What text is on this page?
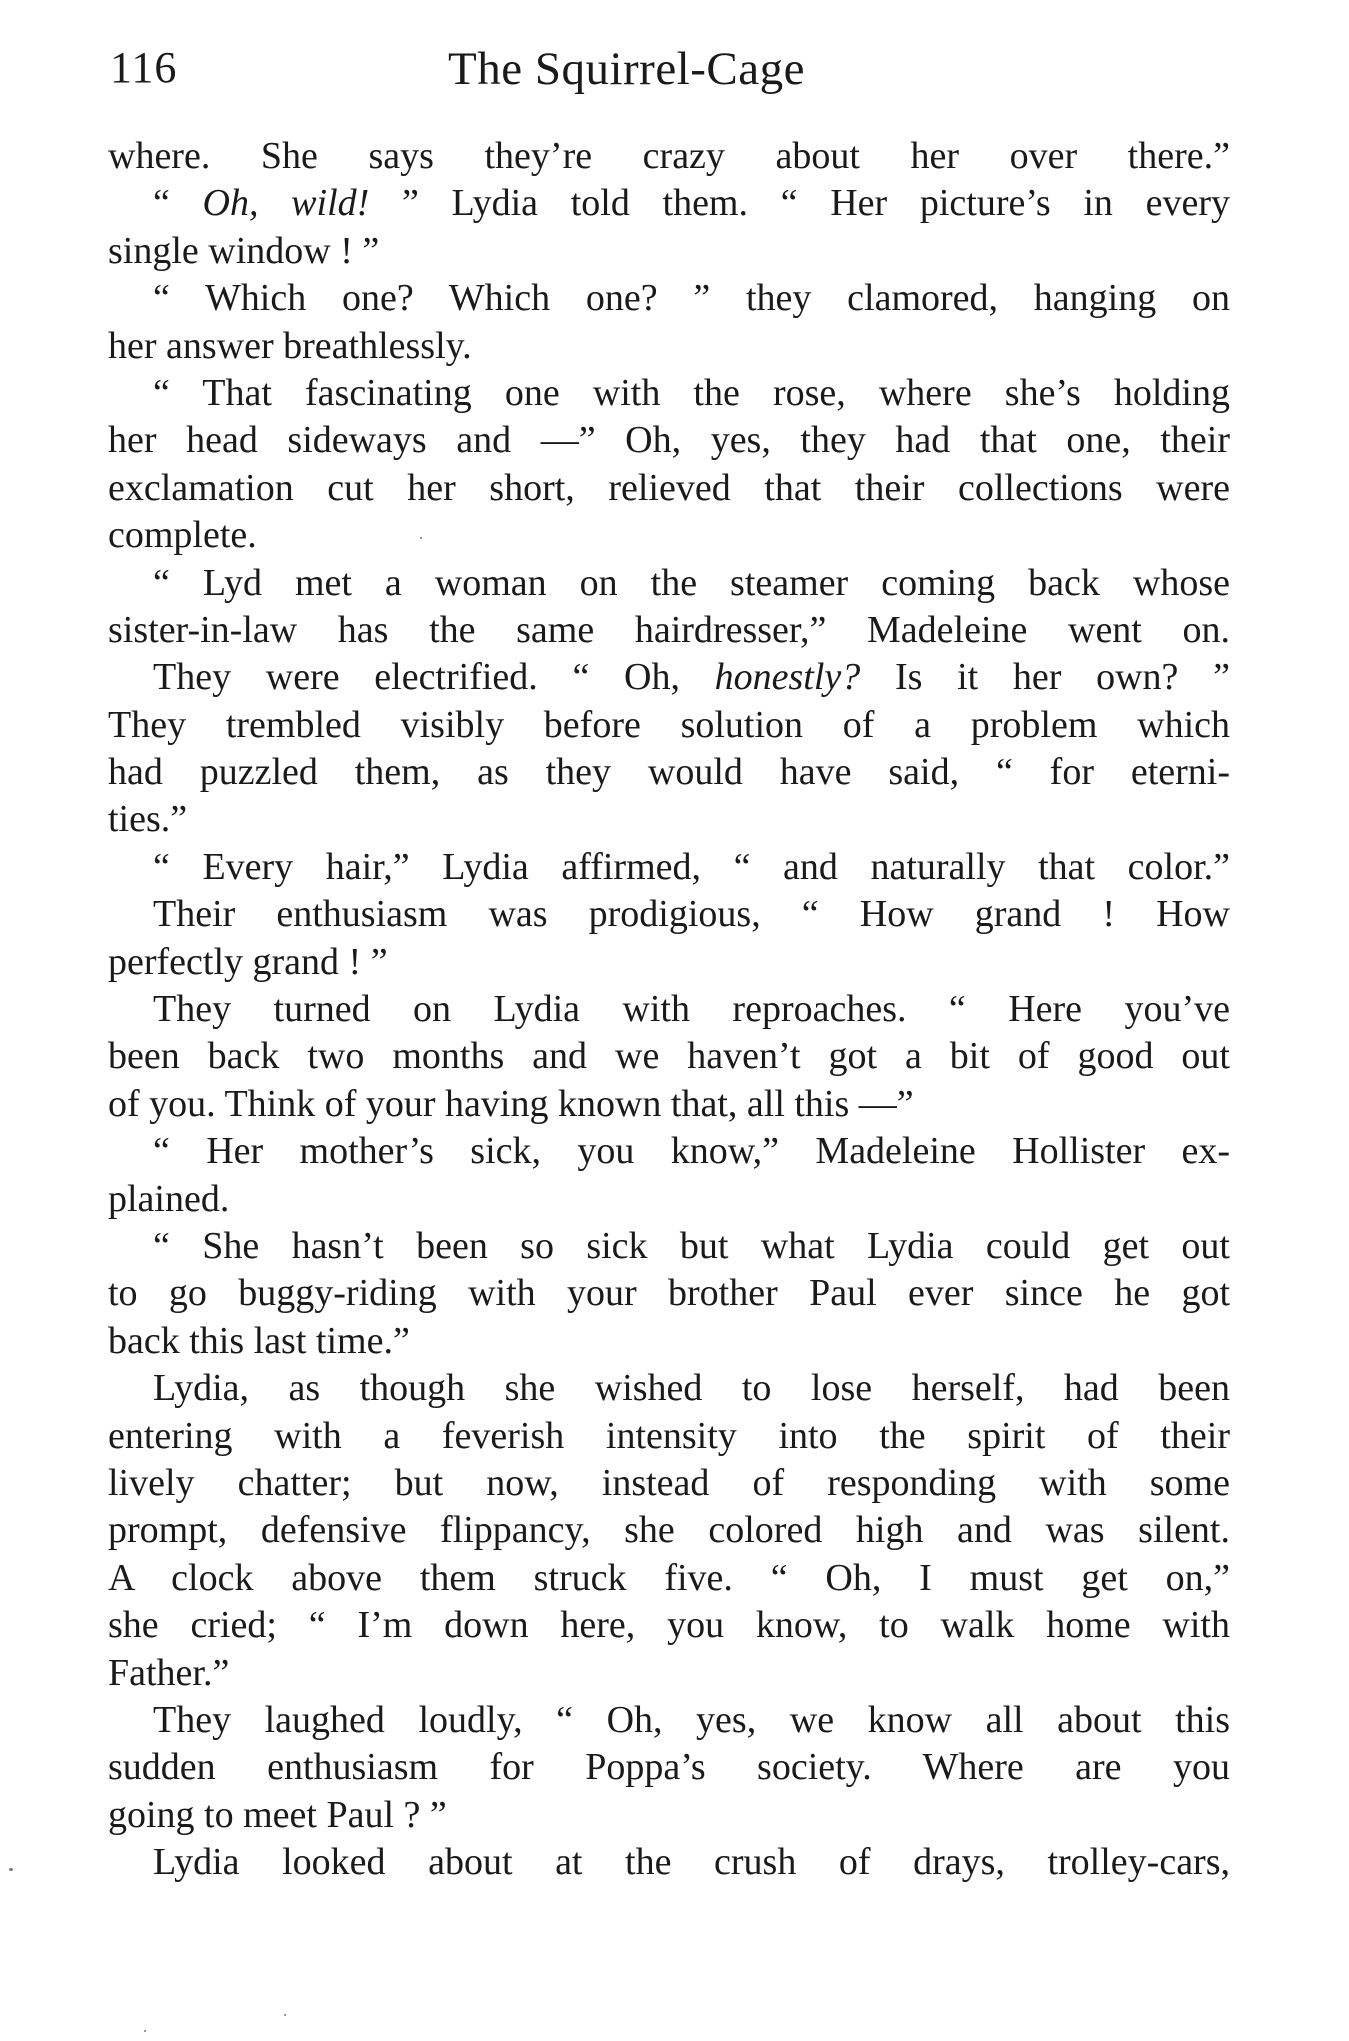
116	The Squirrel-Cage
where. She says they’re crazy about her over there.”
“ Oh, wild! ” Lydia told them. “ Her picture’s in every
single window ! ”
“ Which one? Which one? ” they clamored, hanging on
her answer breathlessly.
“ That fascinating one with the rose, where she’s holding
her head sideways and —” Oh, yes, they had that one, their
exclamation cut her short, relieved that their collections were
complete.
“ Lyd met a woman on the steamer coming back whose
sister-in-law has the same hairdresser,” Madeleine went on.
They were electrified. “ Oh, honestly? Is it her own? ”
They trembled visibly before solution of a problem which
had puzzled them, as they would have said, “ for eterni-
ties.”
“ Every hair,” Lydia affirmed, “ and naturally that color.”
Their enthusiasm was prodigious, “ How grand ! How
perfectly grand ! ”
They turned on Lydia with reproaches. “ Here you’ve
been back two months and we haven’t got a bit of good out
of you. Think of your having known that, all this —”
“ Her mother’s sick, you know,” Madeleine Hollister ex-
plained.
“ She hasn’t been so sick but what Lydia could get out
to go buggy-riding with your brother Paul ever since he got
back this last time.”
Lydia, as though she wished to lose herself, had been
entering with a feverish intensity into the spirit of their
lively chatter; but now, instead of responding with some
prompt, defensive flippancy, she colored high and was silent.
A clock above them struck five. “ Oh, I must get on,”
she cried; “ I’m down here, you know, to walk home with
Father.”
They laughed loudly, “ Oh, yes, we know all about this
sudden enthusiasm for Poppa’s society. Where are you
going to meet Paul ? ”
Lydia looked about at the crush of drays, trolley-cars,
